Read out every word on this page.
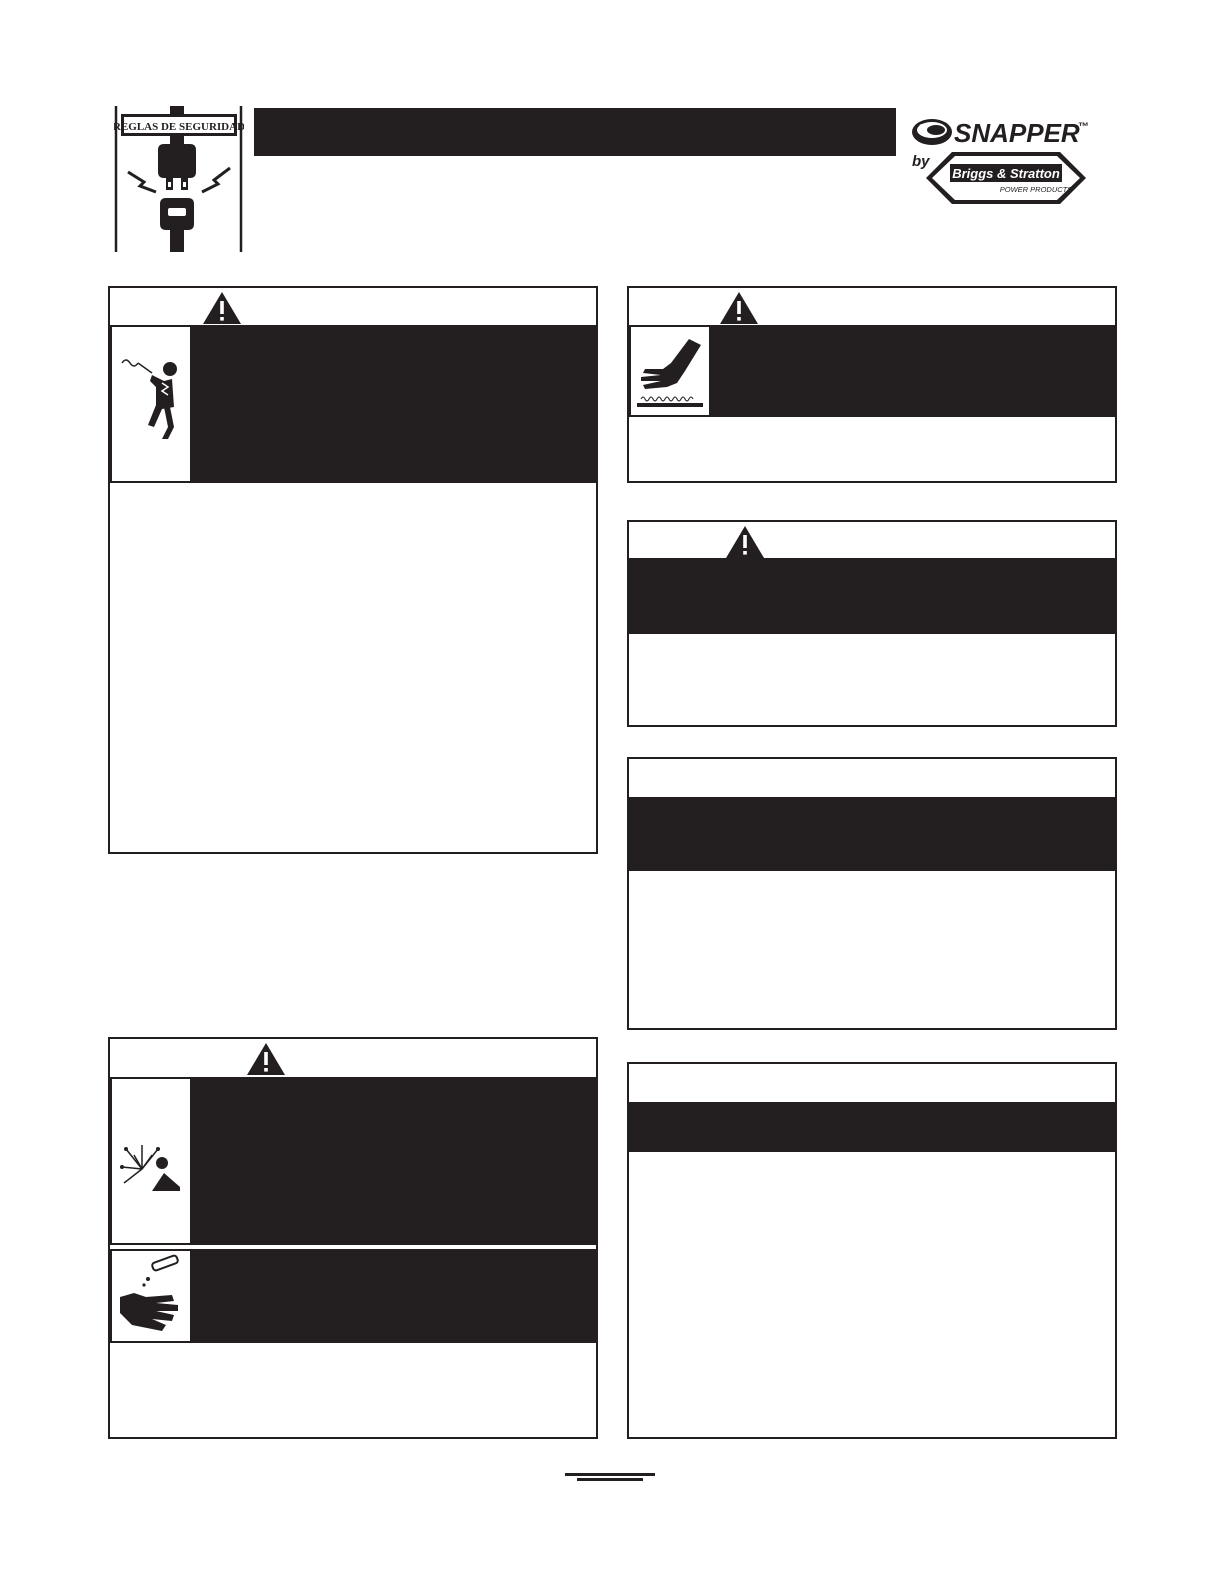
REGLAS DE SEGURIDAD	SNAPPER
™
by
Briggs & Stratton
POWER PRODUCTS
